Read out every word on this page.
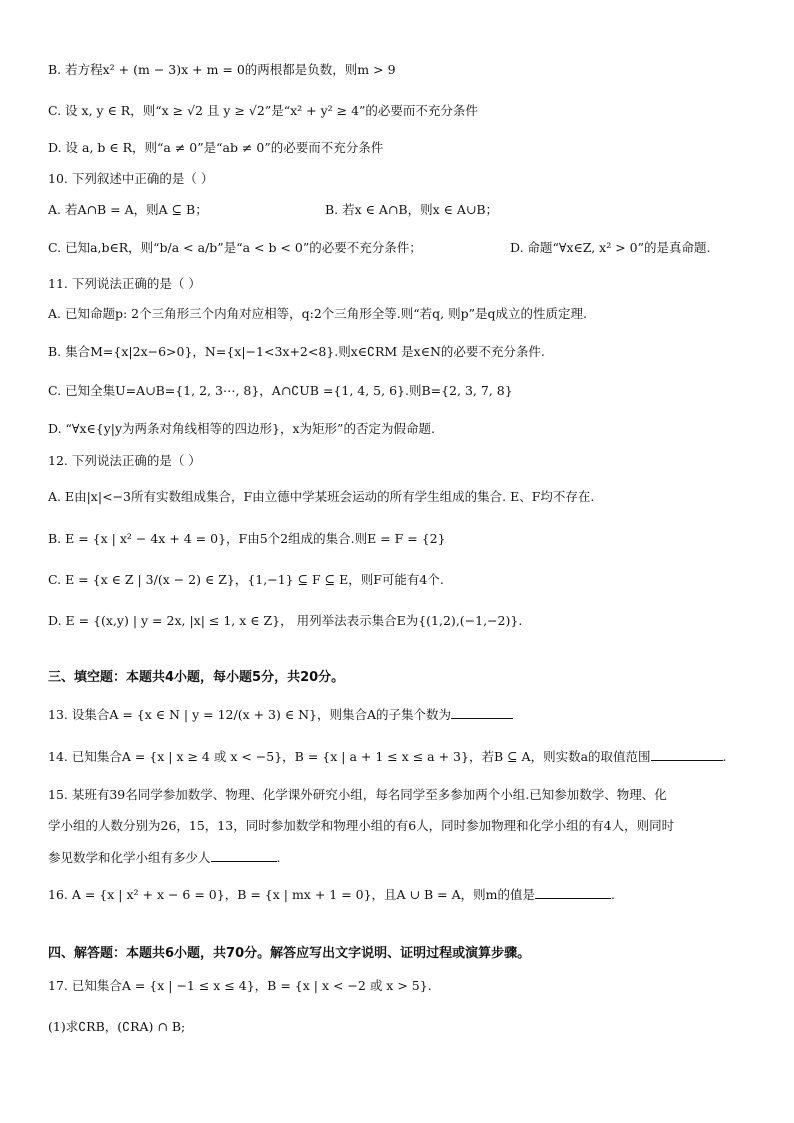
B. 若方程x² + (m − 3)x + m = 0的两根都是负数，则m > 9
C. 设 x, y ∈ R，则“x ≥ √2 且 y ≥ √2”是“x² + y² ≥ 4”的必要而不充分条件
D. 设 a, b ∈ R，则“a ≠ 0”是“ab ≠ 0”的必要而不充分条件
10. 下列叙述中正确的是（ ）
A. 若A∩B = A，则A ⊆ B；	B. 若x ∈ A∩B，则x ∈ A∪B；
C. 已知a,b∈R，则“b/a < a/b”是“a < b < 0”的必要不充分条件；	D. 命题“∀x∈Z, x² > 0”的是真命题.
11. 下列说法正确的是（ ）
A. 已知命题p: 2个三角形三个内角对应相等，q:2个三角形全等.则“若q, 则p”是q成立的性质定理.
B. 集合M={x|2x−6>0}，N={x|−1<3x+2<8}.则x∈∁RM 是x∈N的必要不充分条件.
C. 已知全集U=A∪B={1, 2, 3⋯, 8}，A∩∁UB ={1, 4, 5, 6}.则B={2, 3, 7, 8}
D. “∀x∈{y|y为两条对角线相等的四边形}，x为矩形”的否定为假命题.
12. 下列说法正确的是（ ）
A. E由|x|<−3所有实数组成集合，F由立德中学某班会运动的所有学生组成的集合. E、F均不存在.
B. E = {x | x² − 4x + 4 = 0}，F由5个2组成的集合.则E = F = {2}
C. E = {x ∈ Z | 3/(x − 2) ∈ Z}，{1,−1} ⊆ F ⊆ E，则F可能有4个.
D. E = {(x,y) | y = 2x, |x| ≤ 1, x ∈ Z}， 用列举法表示集合E为{(1,2),(−1,−2)}.
三、填空题：本题共4小题，每小题5分，共20分。
13. 设集合A = {x ∈ N | y = 12/(x + 3) ∈ N}，则集合A的子集个数为
14. 已知集合A = {x | x ≥ 4 或 x < −5}，B = {x | a + 1 ≤ x ≤ a + 3}，若B ⊆ A，则实数a的取值范围	.
15. 某班有39名同学参加数学、物理、化学课外研究小组，每名同学至多参加两个小组.已知参加数学、物理、化
学小组的人数分别为26，15，13，同时参加数学和物理小组的有6人，同时参加物理和化学小组的有4人，则同时
参见数学和化学小组有多少人	.
16. A = {x | x² + x − 6 = 0}，B = {x | mx + 1 = 0}，且A ∪ B = A，则m的值是	.
四、解答题：本题共6小题，共70分。解答应写出文字说明、证明过程或演算步骤。
17. 已知集合A = {x | −1 ≤ x ≤ 4}，B = {x | x < −2 或 x > 5}.
(1)求∁RB，(∁RA) ∩ B;
